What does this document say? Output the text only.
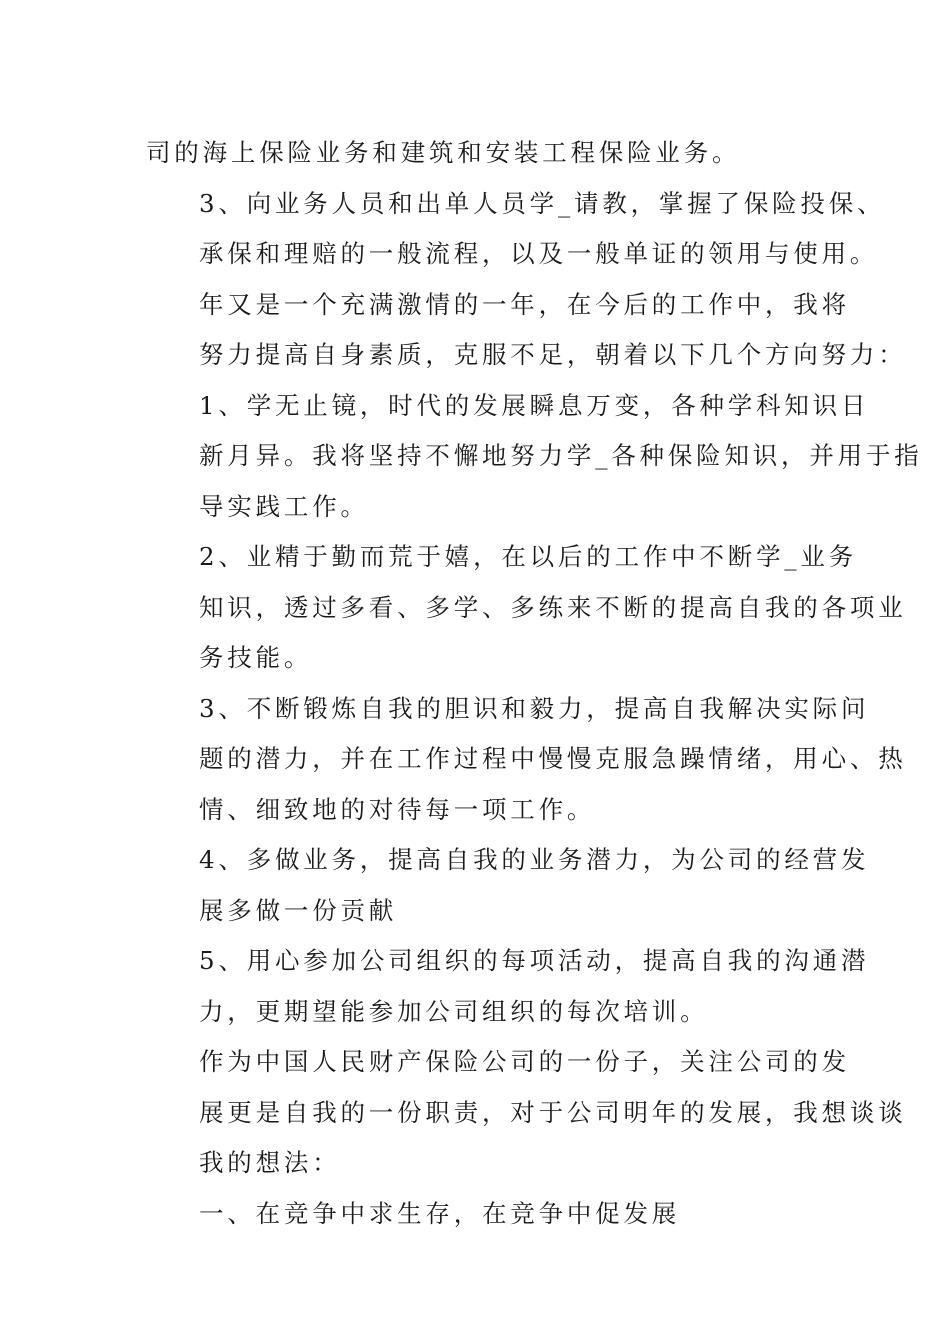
司的海上保险业务和建筑和安装工程保险业务。

3、向业务人员和出单人员学_请教，掌握了保险投保、
承保和理赔的一般流程，以及一般单证的领用与使用。

年又是一个充满激情的一年，在今后的工作中，我将
努力提高自身素质，克服不足，朝着以下几个方向努力：

1、学无止镜，时代的发展瞬息万变，各种学科知识日
新月异。我将坚持不懈地努力学_各种保险知识，并用于指
导实践工作。

2、业精于勤而荒于嬉，在以后的工作中不断学_业务
知识，透过多看、多学、多练来不断的提高自我的各项业
务技能。

3、不断锻炼自我的胆识和毅力，提高自我解决实际问
题的潜力，并在工作过程中慢慢克服急躁情绪，用心、热
情、细致地的对待每一项工作。

4、多做业务，提高自我的业务潜力，为公司的经营发
展多做一份贡献

5、用心参加公司组织的每项活动，提高自我的沟通潜
力，更期望能参加公司组织的每次培训。

作为中国人民财产保险公司的一份子，关注公司的发
展更是自我的一份职责，对于公司明年的发展，我想谈谈
我的想法：

一、在竞争中求生存，在竞争中促发展
